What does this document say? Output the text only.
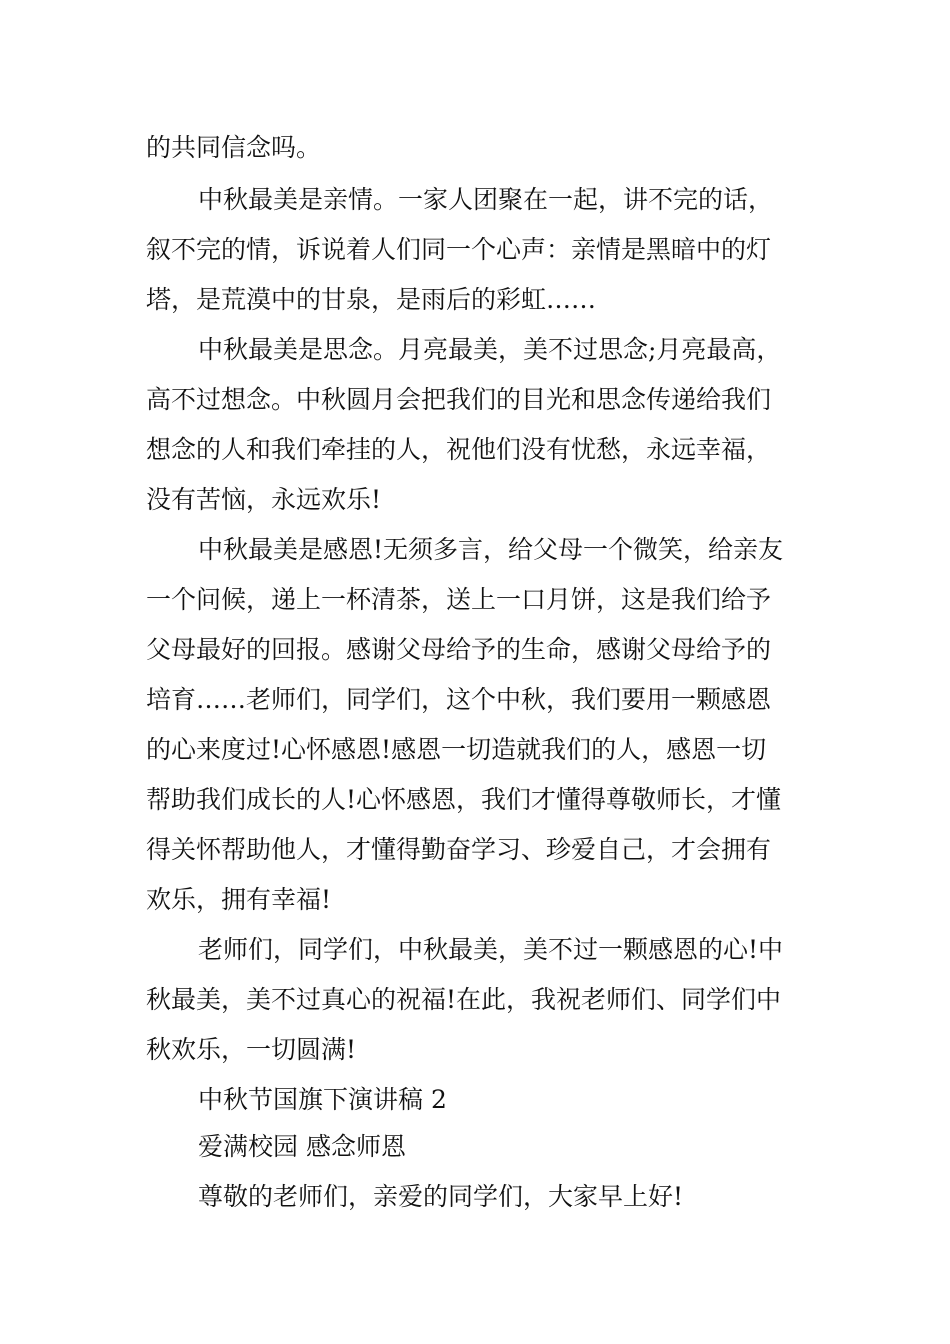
的共同信念吗。

中秋最美是亲情。一家人团聚在一起，讲不完的话，

叙不完的情，诉说着人们同一个心声：亲情是黑暗中的灯

塔，是荒漠中的甘泉，是雨后的彩虹……

中秋最美是思念。月亮最美，美不过思念;月亮最高，

高不过想念。中秋圆月会把我们的目光和思念传递给我们

想念的人和我们牵挂的人，祝他们没有忧愁，永远幸福，

没有苦恼，永远欢乐!

中秋最美是感恩!无须多言，给父母一个微笑，给亲友

一个问候，递上一杯清茶，送上一口月饼，这是我们给予

父母最好的回报。感谢父母给予的生命，感谢父母给予的

培育……老师们，同学们，这个中秋，我们要用一颗感恩

的心来度过!心怀感恩!感恩一切造就我们的人，感恩一切

帮助我们成长的人!心怀感恩，我们才懂得尊敬师长，才懂

得关怀帮助他人，才懂得勤奋学习、珍爱自己，才会拥有

欢乐，拥有幸福!

老师们，同学们，中秋最美，美不过一颗感恩的心!中

秋最美，美不过真心的祝福!在此，我祝老师们、同学们中

秋欢乐，一切圆满!

中秋节国旗下演讲稿 2

爱满校园 感念师恩

尊敬的老师们，亲爱的同学们，大家早上好!
